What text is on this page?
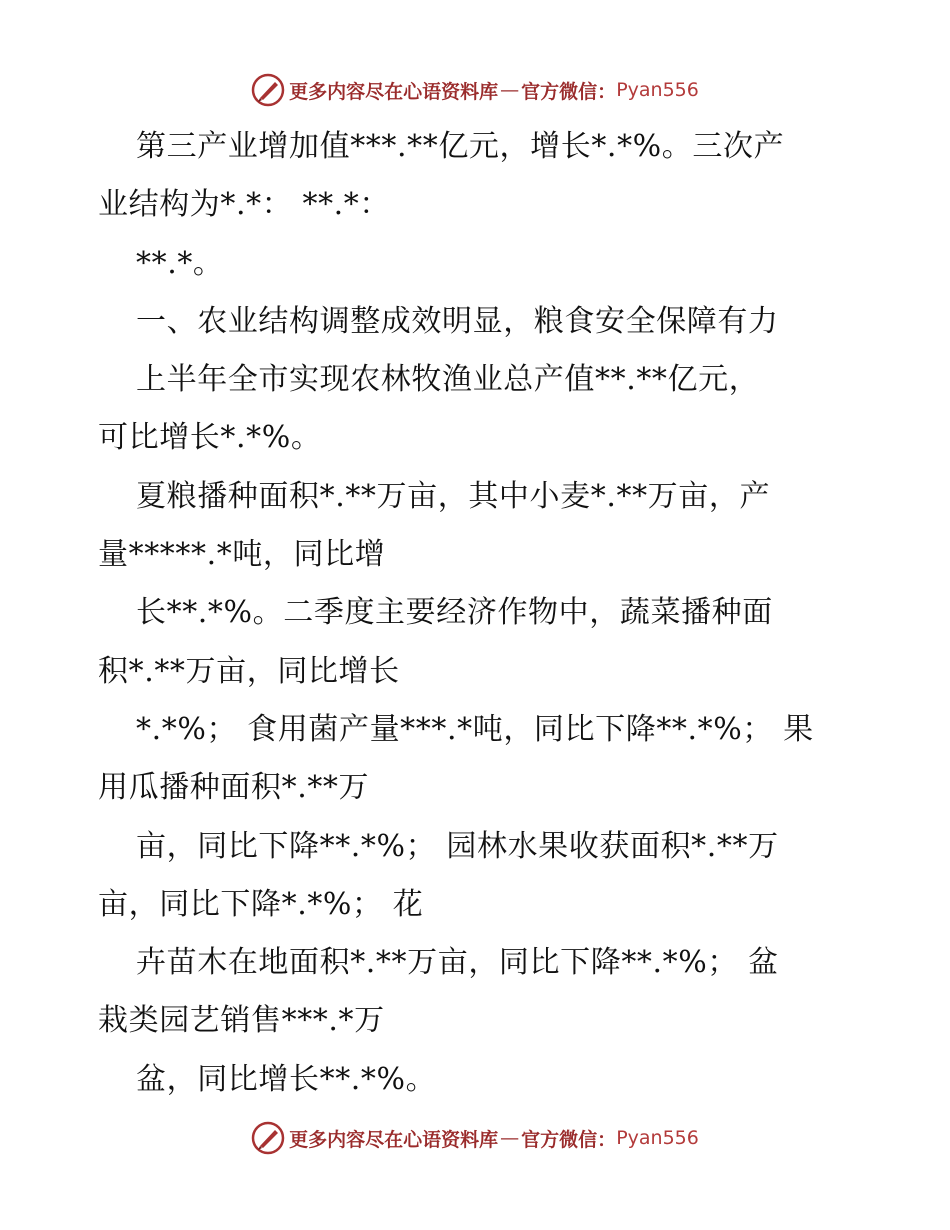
更多内容尽在心语资料库 — 官方微信： Pyan556
第三产业增加值***.**亿元，增长*.*%。三次产
业结构为*.*： **.*：
**.*。
一、农业结构调整成效明显，粮食安全保障有力
上半年全市实现农林牧渔业总产值**.**亿元，
可比增长*.*%。
夏粮播种面积*.**万亩，其中小麦*.**万亩，产
量*****.*吨，同比增
长**.*%。二季度主要经济作物中，蔬菜播种面
积*.**万亩，同比增长
*.*%； 食用菌产量***.*吨，同比下降**.*%； 果
用瓜播种面积*.**万
亩，同比下降**.*%； 园林水果收获面积*.**万
亩，同比下降*.*%； 花
卉苗木在地面积*.**万亩，同比下降**.*%； 盆
栽类园艺销售***.*万
盆，同比增长**.*%。
更多内容尽在心语资料库 — 官方微信： Pyan556
